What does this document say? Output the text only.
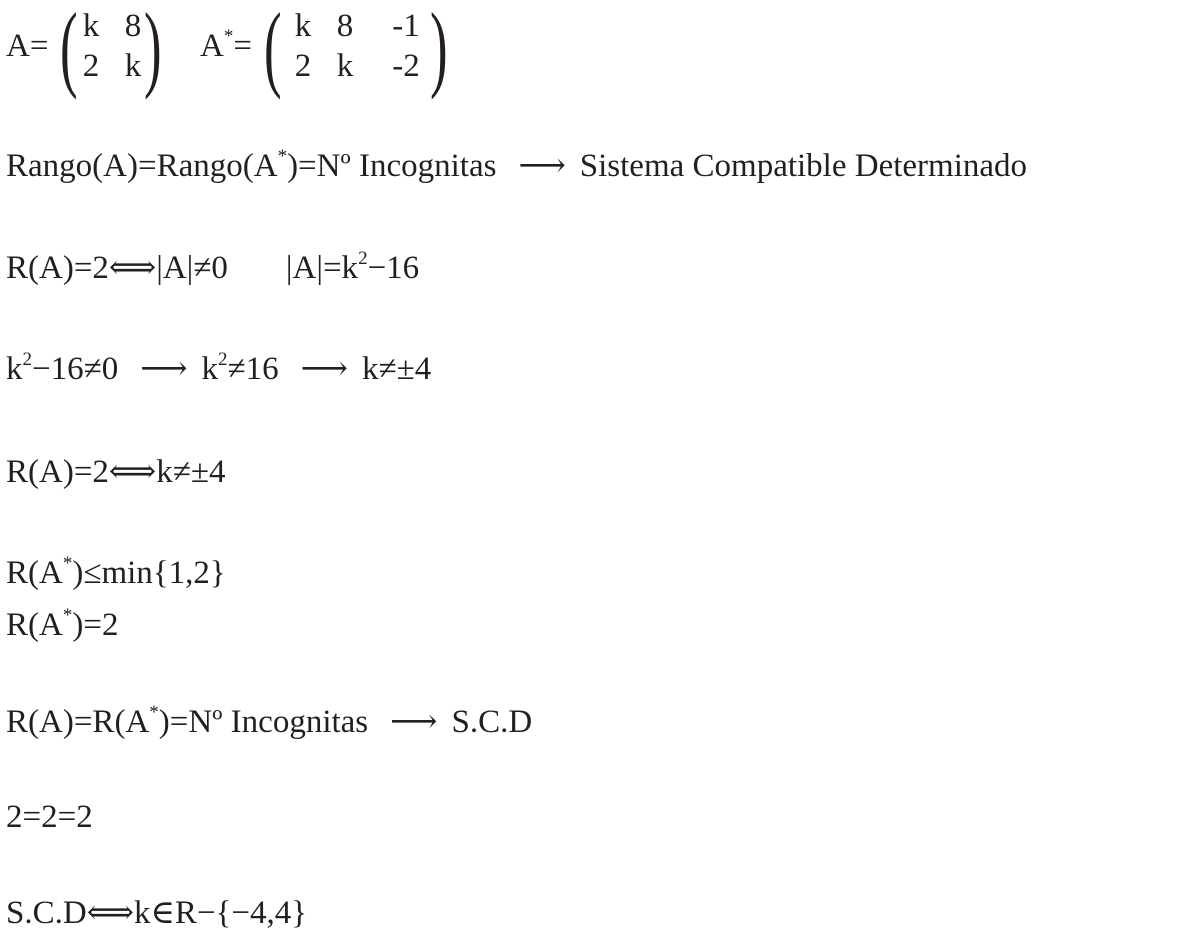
A= ( k 8
2 k ) A*= ( k 8	-1
2 k	-2 )
Rango(A)=Rango(A*)=Nº Incognitas ⟶ Sistema Compatible Determinado
R(A)=2⟺|A|≠0 $|A|=k^2-16$
$k^2-16\ne 0$ ⟶ $k^2\ne 16$ ⟶ k≠±4
R(A)=2⟺k≠±4
R(A*)≤min{1,2}
R(A*)=2
R(A)=R(A*)=Nº Incognitas ⟶ S.C.D
2=2=2
S.C.D⟺k∈R−{−4,4}
